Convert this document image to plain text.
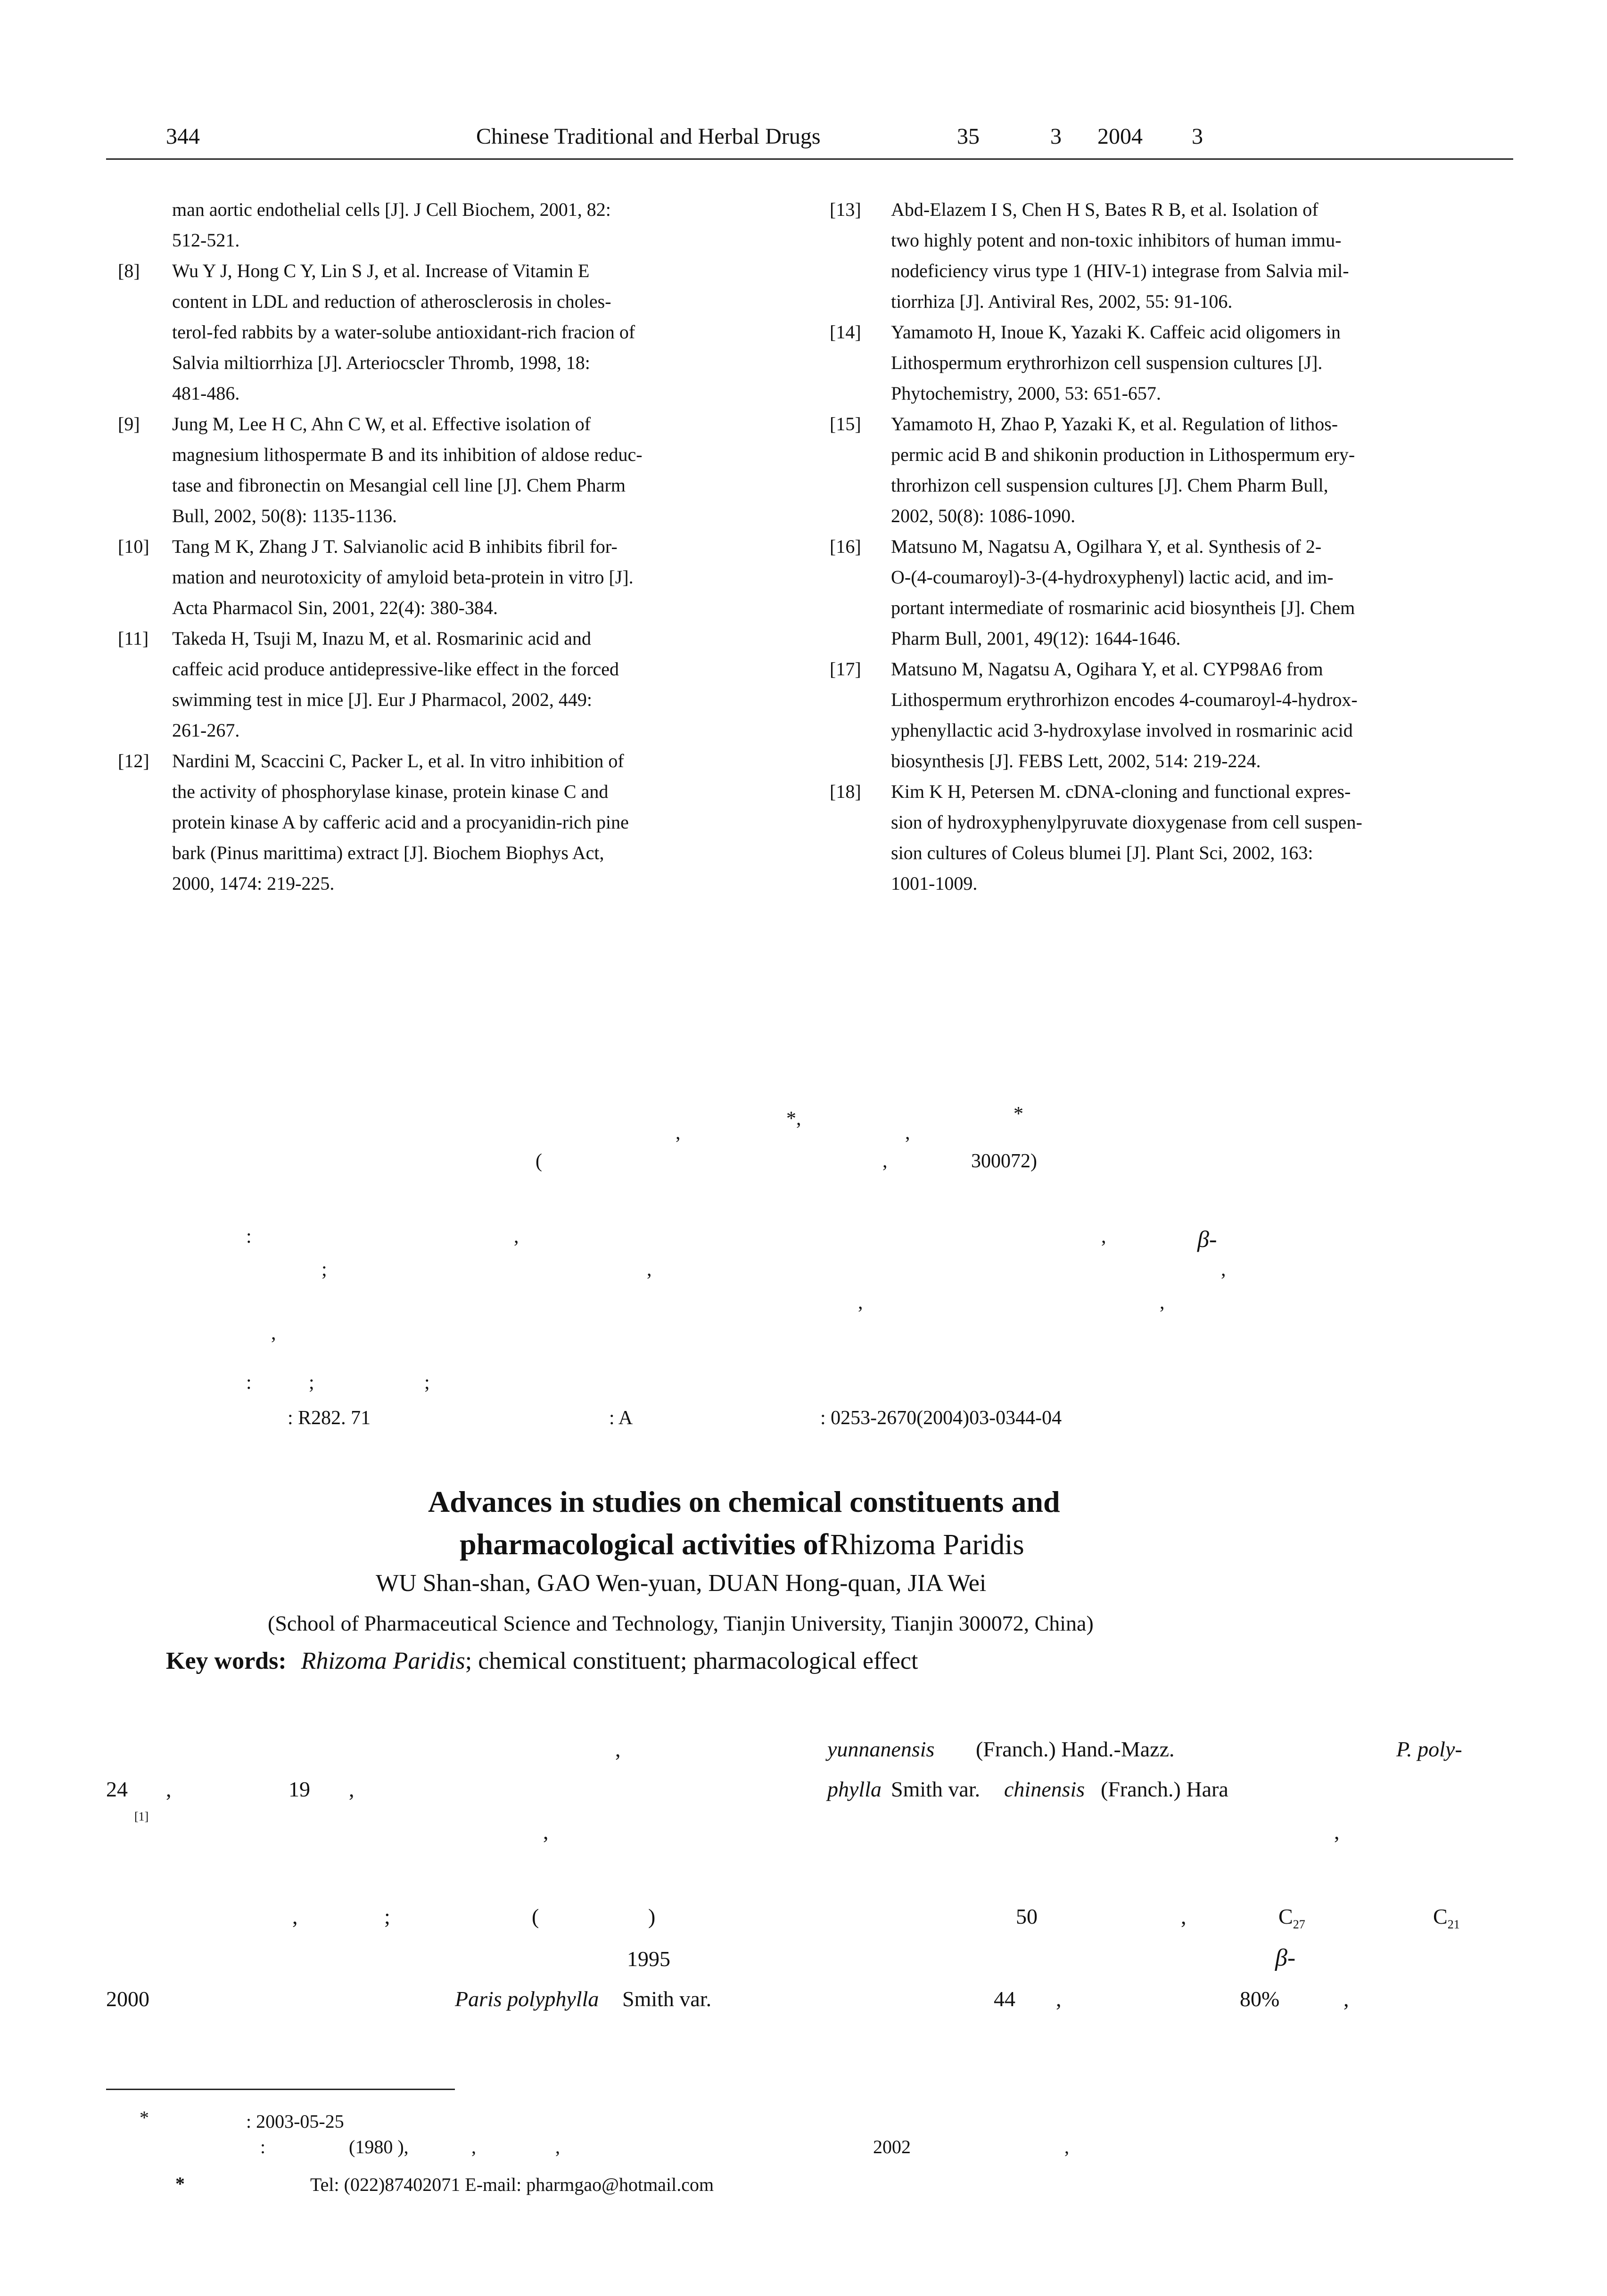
344	Chinese Traditional and Herbal Drugs	35	3 2004 3
man aortic endothelial cells [J]. J Cell Biochem, 2001, 82:
512-521.
[8] Wu Y J, Hong C Y, Lin S J, et al. Increase of Vitamin E
content in LDL and reduction of atherosclerosis in choles-
terol-fed rabbits by a water-solube antioxidant-rich fracion of
Salvia miltiorrhiza [J]. Arteriocscler Thromb, 1998, 18:
481-486.
[9] Jung M, Lee H C, Ahn C W, et al. Effective isolation of
magnesium lithospermate B and its inhibition of aldose reduc-
tase and fibronectin on Mesangial cell line [J]. Chem Pharm
Bull, 2002, 50(8): 1135-1136.
[10] Tang M K, Zhang J T. Salvianolic acid B inhibits fibril for-
mation and neurotoxicity of amyloid beta-protein in vitro [J].
Acta Pharmacol Sin, 2001, 22(4): 380-384.
[11] Takeda H, Tsuji M, Inazu M, et al. Rosmarinic acid and
caffeic acid produce antidepressive-like effect in the forced
swimming test in mice [J]. Eur J Pharmacol, 2002, 449:
261-267.
[12] Nardini M, Scaccini C, Packer L, et al. In vitro inhibition of
the activity of phosphorylase kinase, protein kinase C and
protein kinase A by cafferic acid and a procyanidin-rich pine
bark (Pinus marittima) extract [J]. Biochem Biophys Act,
2000, 1474: 219-225.
[13] Abd-Elazem I S, Chen H S, Bates R B, et al. Isolation of
two highly potent and non-toxic inhibitors of human immu-
nodeficiency virus type 1 (HIV-1) integrase from Salvia mil-
tiorrhiza [J]. Antiviral Res, 2002, 55: 91-106.
[14] Yamamoto H, Inoue K, Yazaki K. Caffeic acid oligomers in
Lithospermum erythrorhizon cell suspension cultures [J].
Phytochemistry, 2000, 53: 651-657.
[15] Yamamoto H, Zhao P, Yazaki K, et al. Regulation of lithos-
permic acid B and shikonin production in Lithospermum ery-
throrhizon cell suspension cultures [J]. Chem Pharm Bull,
2002, 50(8): 1086-1090.
[16] Matsuno M, Nagatsu A, Ogilhara Y, et al. Synthesis of 2-
O-(4-coumaroyl)-3-(4-hydroxyphenyl) lactic acid, and im-
portant intermediate of rosmarinic acid biosyntheis [J]. Chem
Pharm Bull, 2001, 49(12): 1644-1646.
[17] Matsuno M, Nagatsu A, Ogihara Y, et al. CYP98A6 from
Lithospermum erythrorhizon encodes 4-coumaroyl-4-hydrox-
yphenyllactic acid 3-hydroxylase involved in rosmarinic acid
biosynthesis [J]. FEBS Lett, 2002, 514: 219-224.
[18] Kim K H, Petersen M. cDNA-cloning and functional expres-
sion of hydroxyphenylpyruvate dioxygenase from cell suspen-
sion cultures of Coleus blumei [J]. Plant Sci, 2002, 163:
1001-1009.
,
*,
,
*
(	,	300072)
:	,	,	β-
;	,	,
,	,
,
:	;	;
: R282. 71	: A	: 0253-2670(2004)03-0344-04
Advances in studies on chemical constituents and
pharmacological activities of Rhizoma Paridis
WU Shan-shan, GAO Wen-yuan, DUAN Hong-quan, JIA Wei
(School of Pharmaceutical Science and Technology, Tianjin University, Tianjin 300072, China)
Key words: Rhizoma Paridis; chemical constituent; pharmacological effect
,	yunnanensis (Franch.) Hand.-Mazz.	P. poly-
24 ,	19 ,	phylla Smith var. chinensis (Franch.) Hara
[1]
,	,
,	;	(	)	50	,	$C_{27}$	$C_{21}$
1995	β-
2000	Paris polyphylla Smith var.	44 ,	80%	,
*	: 2003-05-25
:	(1980 ),	,	,	2002	,
*	Tel: (022)87402071 E-mail: pharmgao@hotmail.com
